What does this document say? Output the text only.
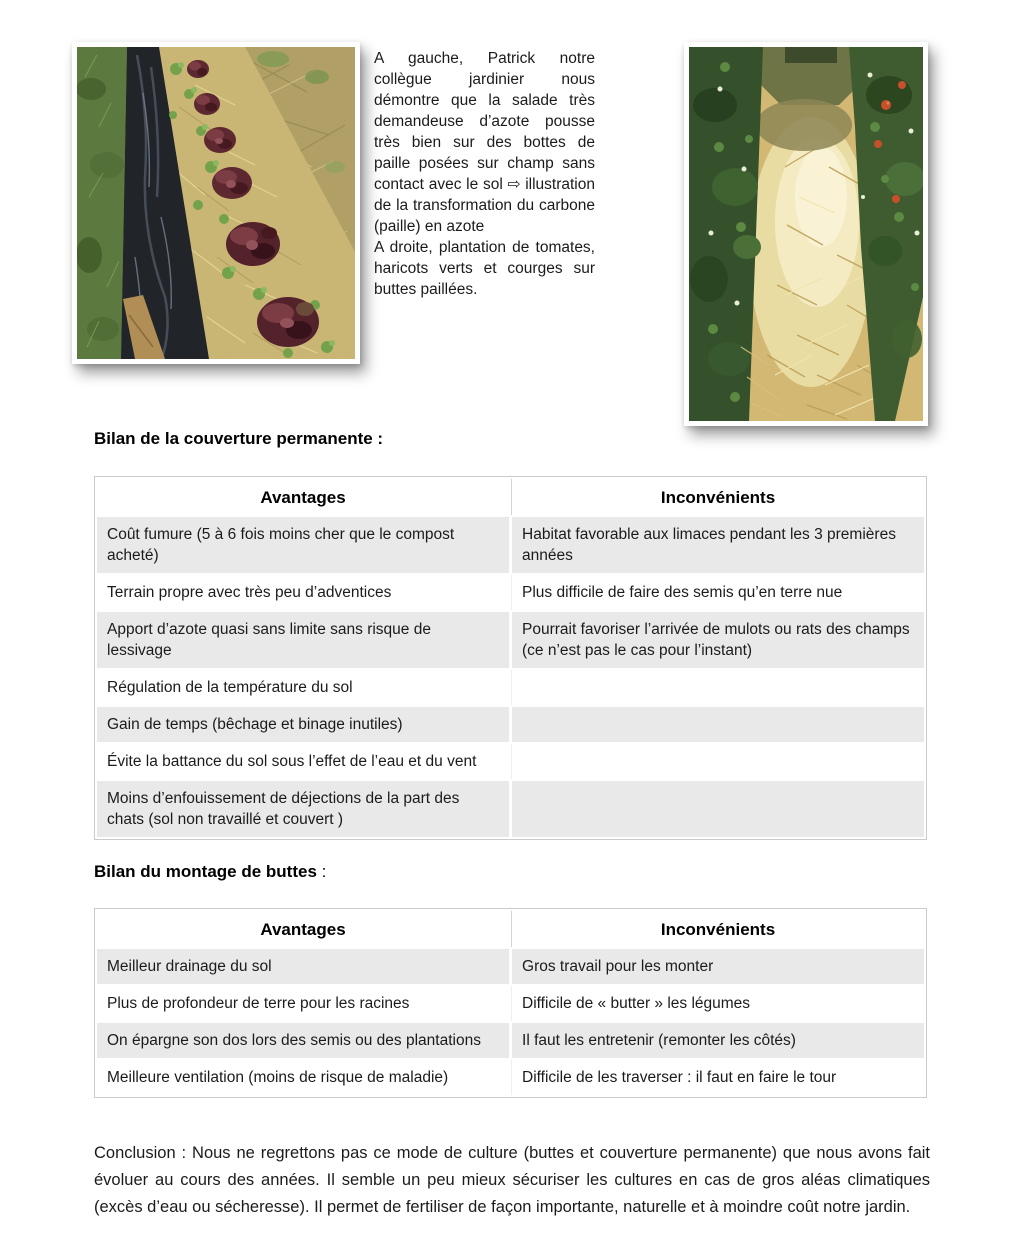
A gauche, Patrick notre collègue jardinier nous démontre que la salade très demandeuse d’azote pousse très bien sur des bottes de paille posées sur champ sans contact avec le sol ⇨ illustration de la transformation du carbone (paille) en azote

A droite, plantation de tomates, haricots verts et courges sur buttes paillées.

Bilan de la couverture permanente :
Avantages	Inconvénients
Coût fumure (5 à 6 fois moins cher que le compost acheté)	Habitat favorable aux limaces pendant les 3 premières années
Terrain propre avec très peu d’adventices	Plus difficile de faire des semis qu’en terre nue
Apport d’azote quasi sans limite sans risque de lessivage	Pourrait favoriser l’arrivée de mulots ou rats des champs (ce n’est pas le cas pour l’instant)
Régulation de la température du sol	
Gain de temps (bêchage et binage inutiles)	
Évite la battance du sol sous l’effet de l’eau et du vent	
Moins d’enfouissement de déjections de la part des chats (sol non travaillé et couvert )	
Bilan du montage de buttes :
Avantages	Inconvénients
Meilleur drainage du sol	Gros travail pour les monter
Plus de profondeur de terre pour les racines	Difficile de « butter » les légumes
On épargne son dos lors des semis ou des plantations	Il faut les entretenir (remonter les côtés)
Meilleure ventilation (moins de risque de maladie)	Difficile de les traverser : il faut en faire le tour

Conclusion : Nous ne regrettons pas ce mode de culture (buttes et couverture permanente) que nous avons fait évoluer au cours des années. Il semble un peu mieux sécuriser les cultures en cas de gros aléas climatiques (excès d’eau ou sécheresse). Il permet de fertiliser de façon importante, naturelle et à moindre coût notre jardin.
